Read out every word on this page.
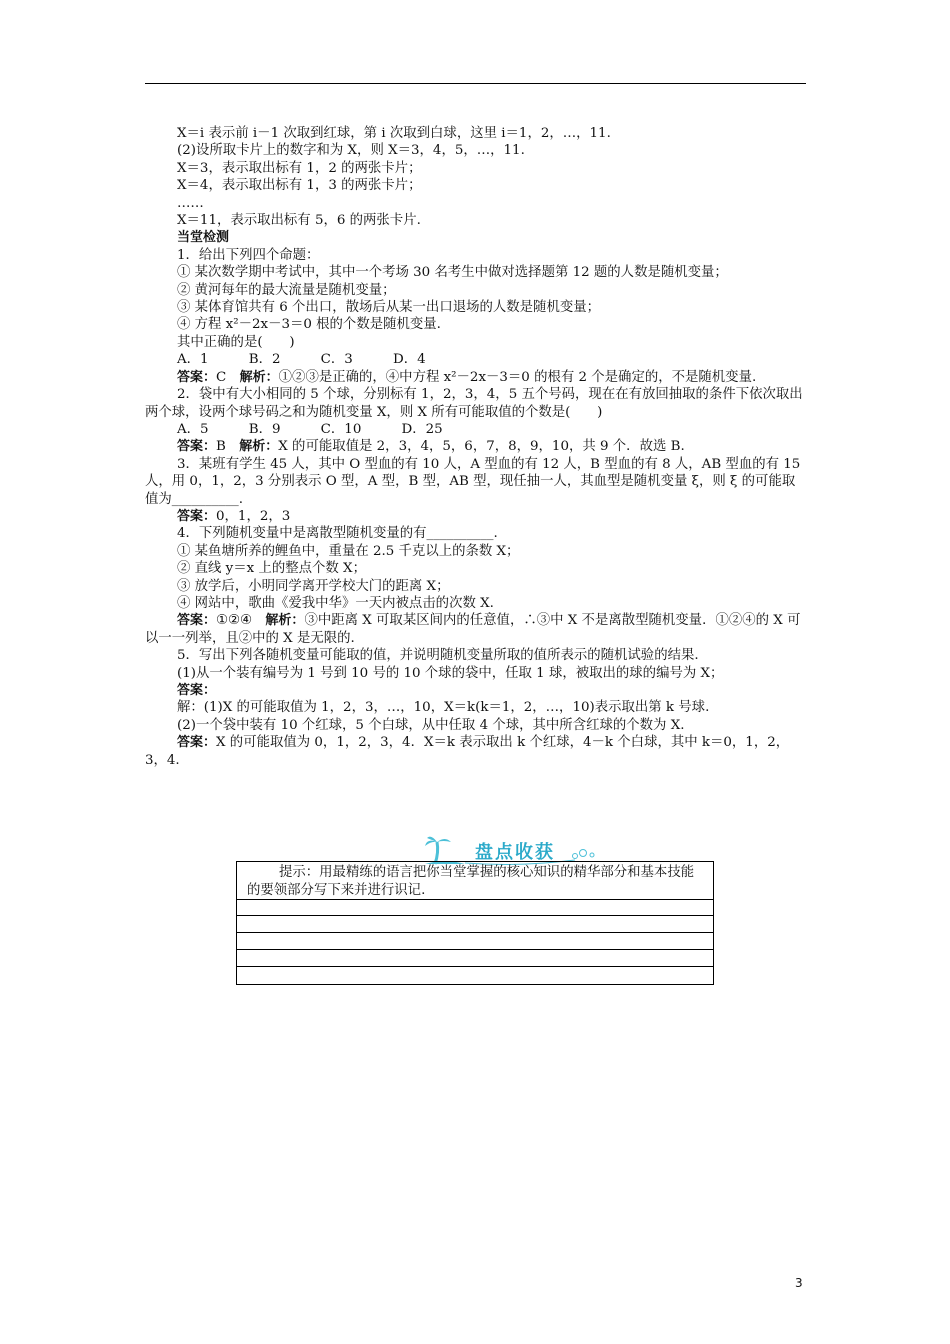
X＝i 表示前 i－1 次取到红球，第 i 次取到白球，这里 i＝1，2，…，11.

(2)设所取卡片上的数字和为 X，则 X＝3，4，5，…，11.

X＝3，表示取出标有 1，2 的两张卡片；

X＝4，表示取出标有 1，3 的两张卡片；

……

X＝11，表示取出标有 5，6 的两张卡片.

当堂检测

1．给出下列四个命题：

① 某次数学期中考试中，其中一个考场 30 名考生中做对选择题第 12 题的人数是随机变量；

② 黄河每年的最大流量是随机变量；

③ 某体育馆共有 6 个出口，散场后从某一出口退场的人数是随机变量；

④ 方程 x²－2x－3＝0 根的个数是随机变量.

其中正确的是(　　)

A．1　　　B．2　　　C．3　　　D．4

答案：C　 解析：①②③是正确的，④中方程 x²－2x－3＝0 的根有 2 个是确定的，不是随机变量.

2．袋中有大小相同的 5 个球，分别标有 1，2，3，4，5 五个号码，现在在有放回抽取的条件下依次取出两个球，设两个球号码之和为随机变量 X，则 X 所有可能取值的个数是(　　)

A．5　　　B．9　　　C．10　　　D．25

答案：B　 解析：X 的可能取值是 2，3，4，5，6，7，8，9，10，共 9 个．故选 B.

3．某班有学生 45 人，其中 O 型血的有 10 人，A 型血的有 12 人，B 型血的有 8 人，AB 型血的有 15 人，用 0，1，2，3 分别表示 O 型，A 型，B 型，AB 型，现任抽一人，其血型是随机变量 ξ，则 ξ 的可能取值为__________.

答案：0，1，2，3

4．下列随机变量中是离散型随机变量的有__________.

① 某鱼塘所养的鲤鱼中，重量在 2.5 千克以上的条数 X；

② 直线 y＝x 上的整点个数 X；

③ 放学后，小明同学离开学校大门的距离 X；

④ 网站中，歌曲《爱我中华》一天内被点击的次数 X.

答案：①②④　 解析：③中距离 X 可取某区间内的任意值，∴③中 X 不是离散型随机变量．①②④的 X 可以一一列举，且②中的 X 是无限的.

5．写出下列各随机变量可能取的值，并说明随机变量所取的值所表示的随机试验的结果.

(1)从一个装有编号为 1 号到 10 号的 10 个球的袋中，任取 1 球，被取出的球的编号为 X；

答案：

解：(1)X 的可能取值为 1，2，3，…，10，X＝k(k＝1，2，…，10)表示取出第 k 号球.

(2)一个袋中装有 10 个红球，5 个白球，从中任取 4 个球，其中所含红球的个数为 X.

答案：X 的可能取值为 0，1，2，3，4．X＝k 表示取出 k 个红球，4－k 个白球，其中 k＝0，1，2，3，4.

盘点收获

提示：用最精练的语言把你当堂掌握的核心知识的精华部分和基本技能的要领部分写下来并进行识记.

3
